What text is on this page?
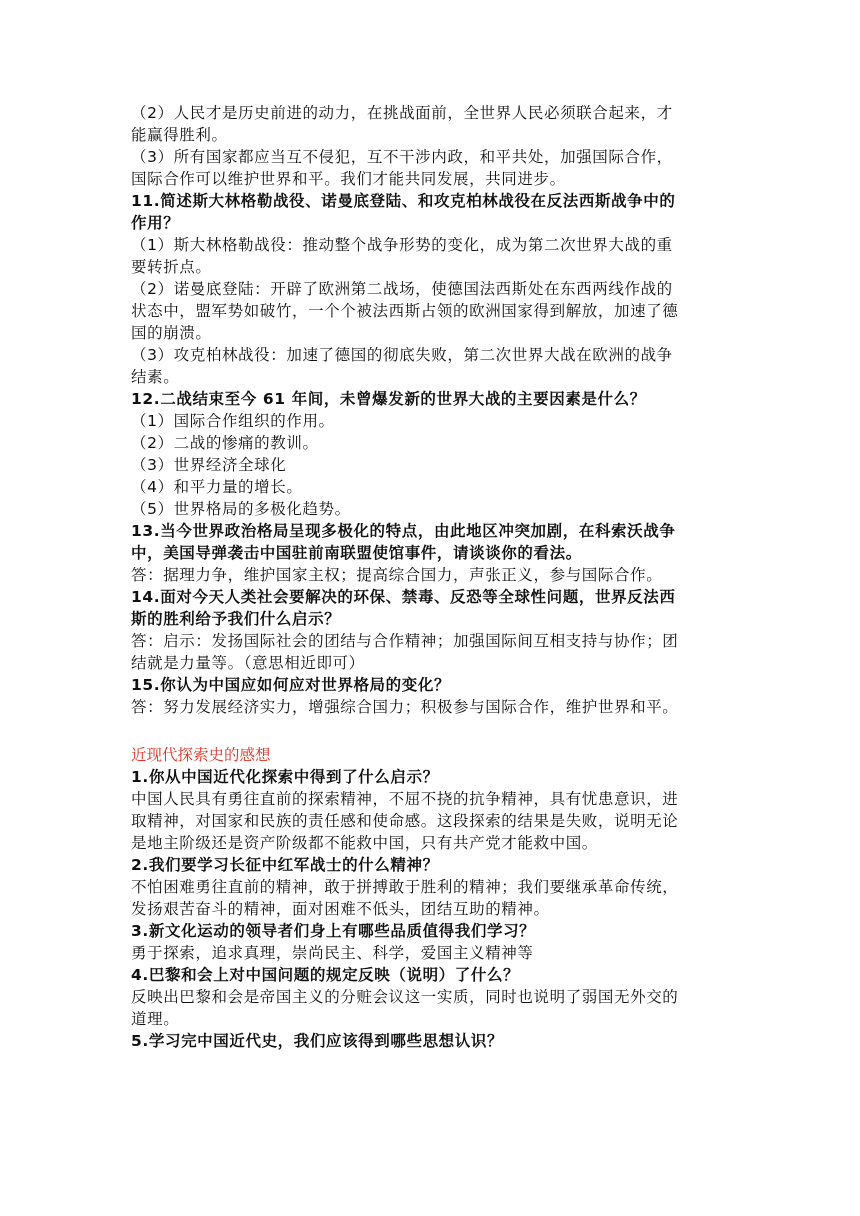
（2）人民才是历史前进的动力，在挑战面前，全世界人民必须联合起来，才
能赢得胜利。
（3）所有国家都应当互不侵犯，互不干涉内政，和平共处，加强国际合作，
国际合作可以维护世界和平。我们才能共同发展，共同进步。
11.简述斯大林格勒战役、诺曼底登陆、和攻克柏林战役在反法西斯战争中的
作用？
（1）斯大林格勒战役：推动整个战争形势的变化，成为第二次世界大战的重
要转折点。
（2）诺曼底登陆：开辟了欧洲第二战场，使德国法西斯处在东西两线作战的
状态中，盟军势如破竹，一个个被法西斯占领的欧洲国家得到解放，加速了德
国的崩溃。
（3）攻克柏林战役：加速了德国的彻底失败，第二次世界大战在欧洲的战争
结素。
12.二战结束至今 61 年间，未曾爆发新的世界大战的主要因素是什么？
（1）国际合作组织的作用。
（2）二战的惨痛的教训。
（3）世界经济全球化
（4）和平力量的增长。
（5）世界格局的多极化趋势。
13.当今世界政治格局呈现多极化的特点，由此地区冲突加剧，在科索沃战争
中，美国导弹袭击中国驻前南联盟使馆事件，请谈谈你的看法。
答：据理力争，维护国家主权；提高综合国力，声张正义，参与国际合作。
14.面对今天人类社会要解决的环保、禁毒、反恐等全球性问题，世界反法西
斯的胜利给予我们什么启示？
答：启示：发扬国际社会的团结与合作精神；加强国际间互相支持与协作；团
结就是力量等。（意思相近即可）
15.你认为中国应如何应对世界格局的变化？
答：努力发展经济实力，增强综合国力；积极参与国际合作，维护世界和平。
近现代探索史的感想
1.你从中国近代化探索中得到了什么启示？
中国人民具有勇往直前的探索精神，不屈不挠的抗争精神，具有忧患意识，进
取精神，对国家和民族的责任感和使命感。这段探索的结果是失败，说明无论
是地主阶级还是资产阶级都不能救中国，只有共产党才能救中国。
2.我们要学习长征中红军战士的什么精神？
不怕困难勇往直前的精神，敢于拼搏敢于胜利的精神；我们要继承革命传统，
发扬艰苦奋斗的精神，面对困难不低头，团结互助的精神。
3.新文化运动的领导者们身上有哪些品质值得我们学习？
勇于探索，追求真理，崇尚民主、科学，爱国主义精神等
4.巴黎和会上对中国问题的规定反映（说明）了什么？
反映出巴黎和会是帝国主义的分赃会议这一实质，同时也说明了弱国无外交的
道理。
5.学习完中国近代史，我们应该得到哪些思想认识？
